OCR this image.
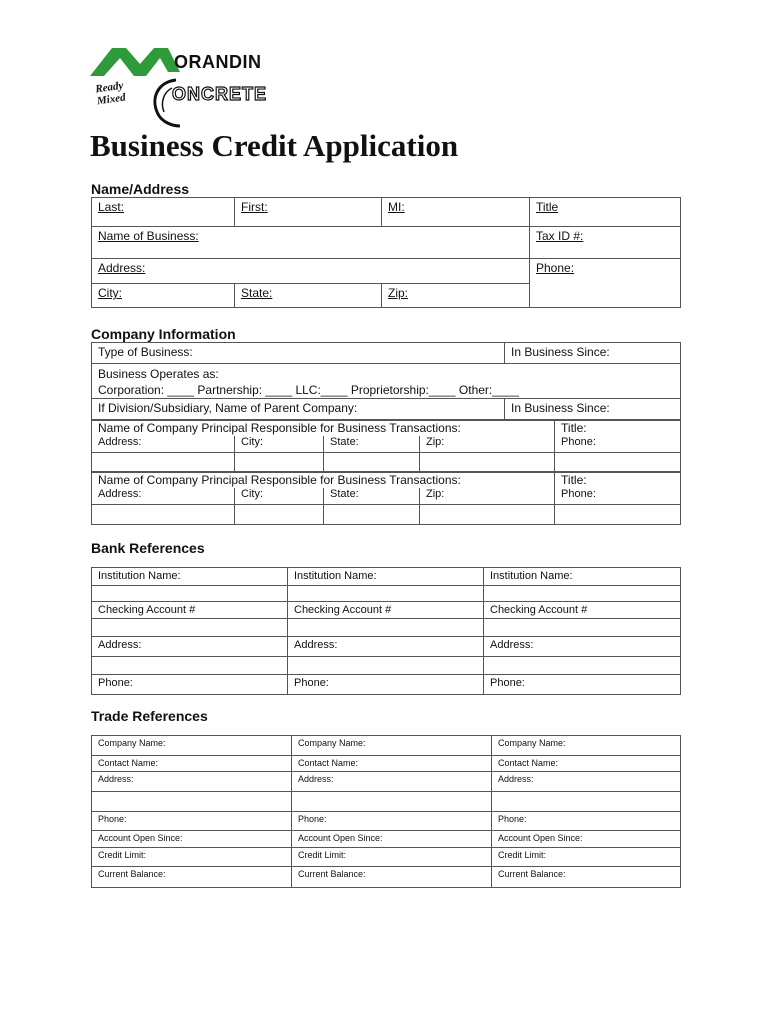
ORANDIN
Ready Mixed	ONCRETE
Business Credit Application
Name/Address
Last:	First:	MI:	Title

Name of Business:			Tax ID #:

Address:			Phone:

City:	State:	Zip:	
Company Information
Type of Business:	In Business Since:

Business Operates as:
Corporation: ____ Partnership: ____ LLC:____ Proprietorship:____ Other:____	

If Division/Subsidiary, Name of Parent Company:	In Business Since:
Name of Company Principal Responsible for Business Transactions:				Title:

Address:	City:	State:	Zip:	Phone:

Name of Company Principal Responsible for Business Transactions:				Title:

Address:	City:	State:	Zip:	Phone:

Bank References
Institution Name:	Institution Name:	Institution Name:

Checking Account #	Checking Account #	Checking Account #

Address:	Address:	Address:

Phone:	Phone:	Phone:
Trade References
Company Name:	Company Name:	Company Name:

Contact Name:	Contact Name:	Contact Name:

Address:	Address:	Address:

Phone:	Phone:	Phone:

Account Open Since:	Account Open Since:	Account Open Since:

Credit Limit:	Credit Limit:	Credit Limit:

Current Balance:	Current Balance:	Current Balance:
